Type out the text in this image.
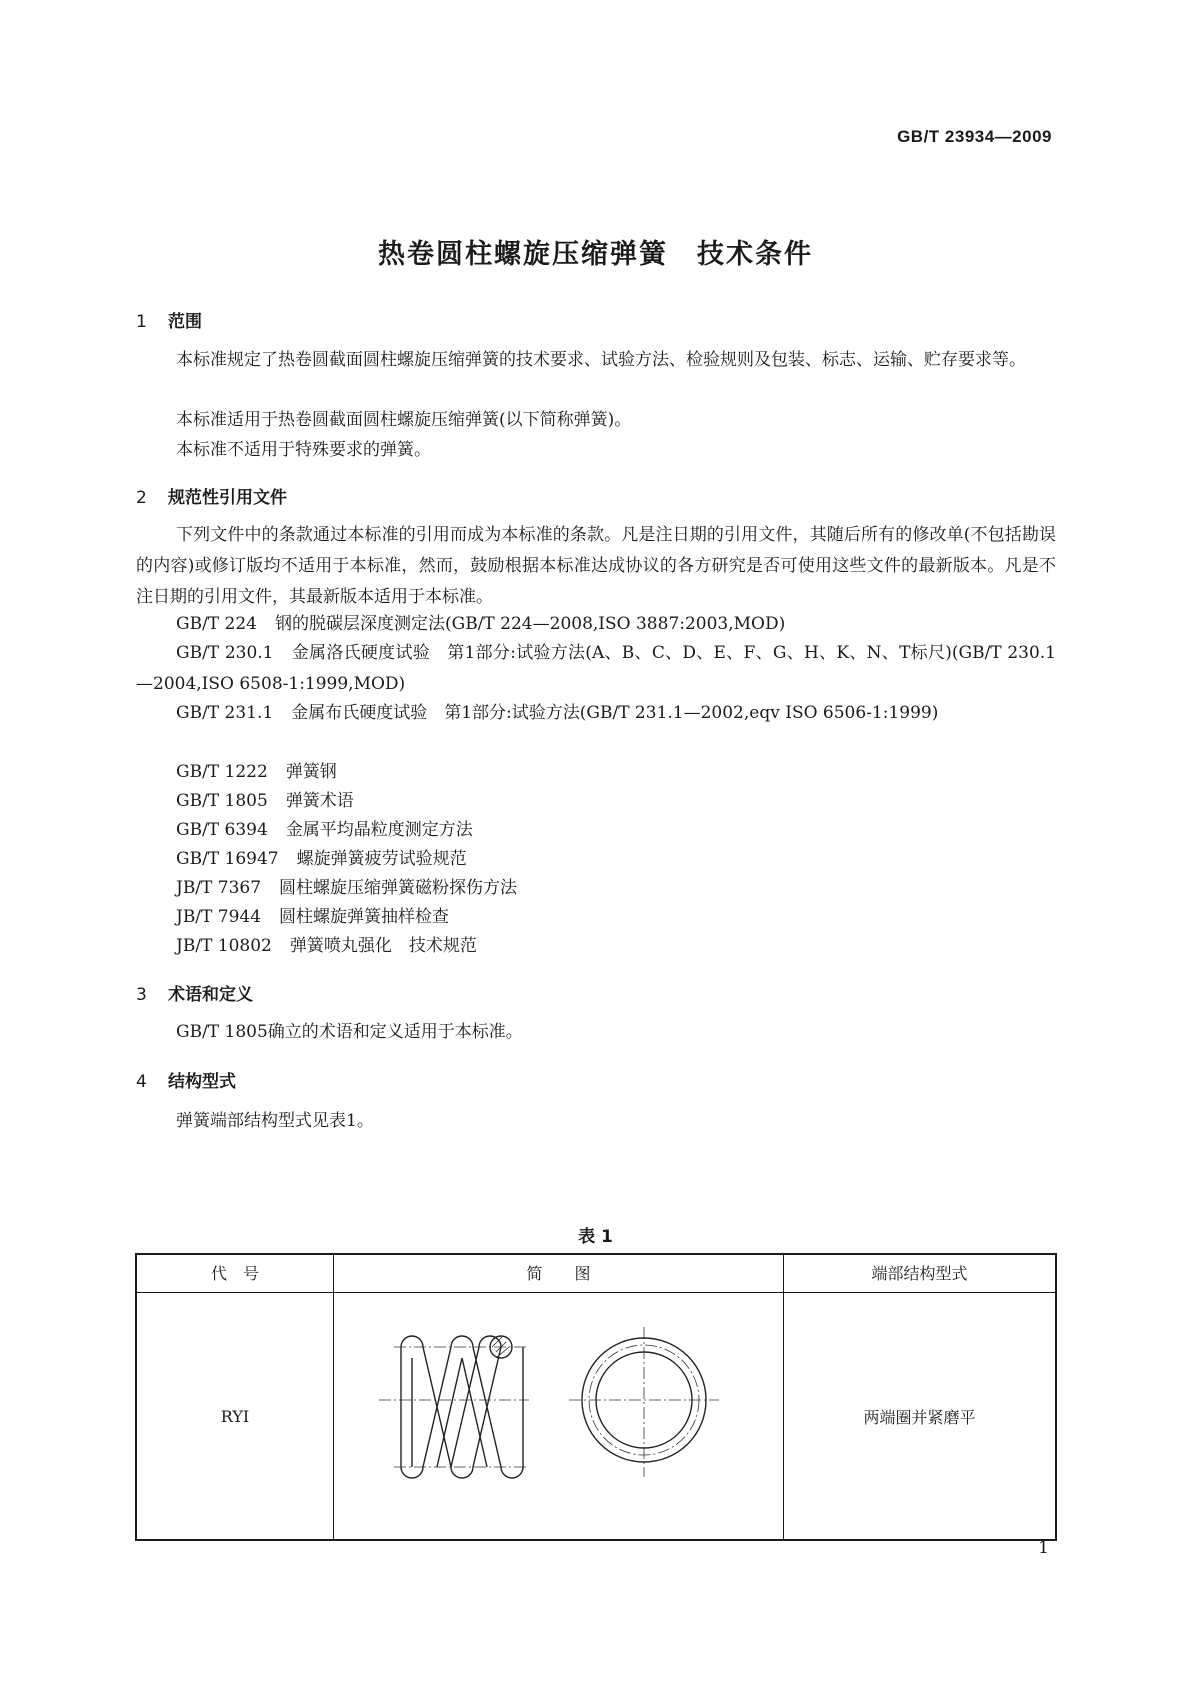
GB/T 23934—2009
热卷圆柱螺旋压缩弹簧　技术条件
1 范围

本标准规定了热卷圆截面圆柱螺旋压缩弹簧的技术要求、试验方法、检验规则及包装、标志、运输、贮存要求等。

本标准适用于热卷圆截面圆柱螺旋压缩弹簧(以下简称弹簧)。

本标准不适用于特殊要求的弹簧。

2 规范性引用文件

下列文件中的条款通过本标准的引用而成为本标准的条款。凡是注日期的引用文件，其随后所有的修改单(不包括勘误的内容)或修订版均不适用于本标准，然而，鼓励根据本标准达成协议的各方研究是否可使用这些文件的最新版本。凡是不注日期的引用文件，其最新版本适用于本标准。

GB/T 224 钢的脱碳层深度测定法(GB/T 224—2008,ISO 3887:2003,MOD)

GB/T 230.1 金属洛氏硬度试验　第1部分:试验方法(A、B、C、D、E、F、G、H、K、N、T标尺)(GB/T 230.1—2004,ISO 6508-1:1999,MOD)

GB/T 231.1 金属布氏硬度试验　第1部分:试验方法(GB/T 231.1—2002,eqv ISO 6506-1:1999)

GB/T 1222 弹簧钢
GB/T 1805 弹簧术语
GB/T 6394 金属平均晶粒度测定方法
GB/T 16947 螺旋弹簧疲劳试验规范
JB/T 7367 圆柱螺旋压缩弹簧磁粉探伤方法
JB/T 7944 圆柱螺旋弹簧抽样检查
JB/T 10802 弹簧喷丸强化　技术规范
3 术语和定义

GB/T 1805确立的术语和定义适用于本标准。

4 结构型式

弹簧端部结构型式见表1。

表 1
代　号	简　　图	端部结构型式
RYⅠ	两端圈并紧磨平
1
